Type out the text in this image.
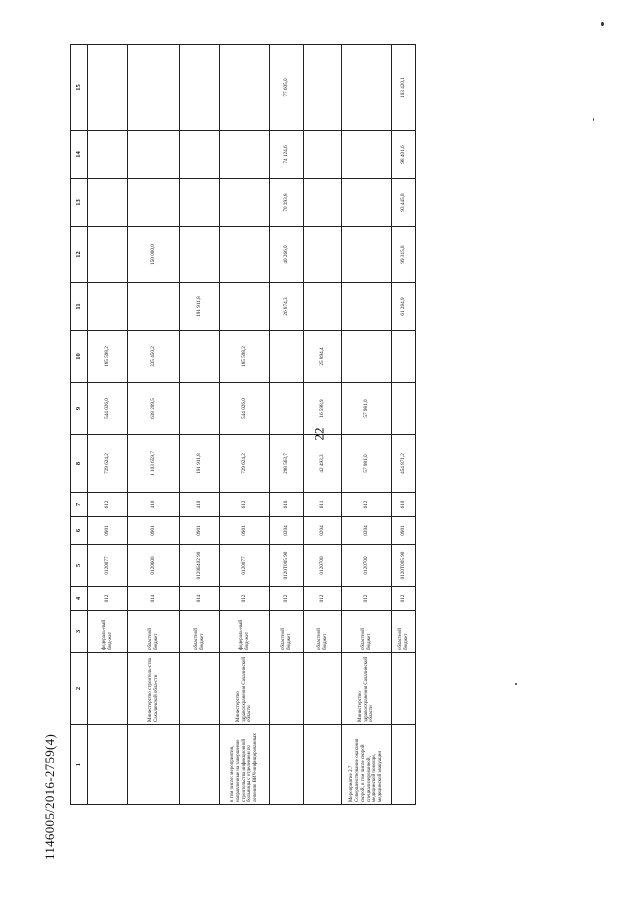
22
1146005/2016-2759(4)	1	2	3	4	5	6	7	8	9	10	11	12	13	14	15
		федераль-ный бюд-жет	012	0120077	0901	612	729 624,2	544 026,0	185 598,2					
	Министерство строитель-ства Сахалинской обла-сти	областной бюджет	014	0120600	0901	410	1 103 659,7	618 209,5	335 450,2		150 000,0			
		областной бюджет	014	0120Б402 90	0901	410	191 911,8			191 911,8				
в том числе: мероприятия, направленные на завершение строительства инфекционной больницы с отделением по лечению ВИЧ-инфицированных	Министерство здравоохранения Сахалинской области	федераль-ный бюд-жет	012	0120077	0901	612	729 624,2	544 026,0	185 598,2					
		областной бюджет	012	0120Т005 90	0204	610	298 563,7			26 874,3	40 266,0	70 393,8	74 124,6	77 605,0
		областной бюджет	012	0120700	0204	611	42 493,3	16 598,9	25 894,4					
Мероприятие 2.7 Совершенствование оказания скорой, в том числе скорой специализированной, медицинской помощи, медицинской эвакуации	Министерство здравоохранения Сахалинской области	областной бюджет	012	0120700	0204	612	57 981,0	57 981,0						
		областной бюджет	012	0120Т005 90	0901	610	454 871,2			61 284,9	99 315,8	93 445,8	98 401,6	103 420,1
